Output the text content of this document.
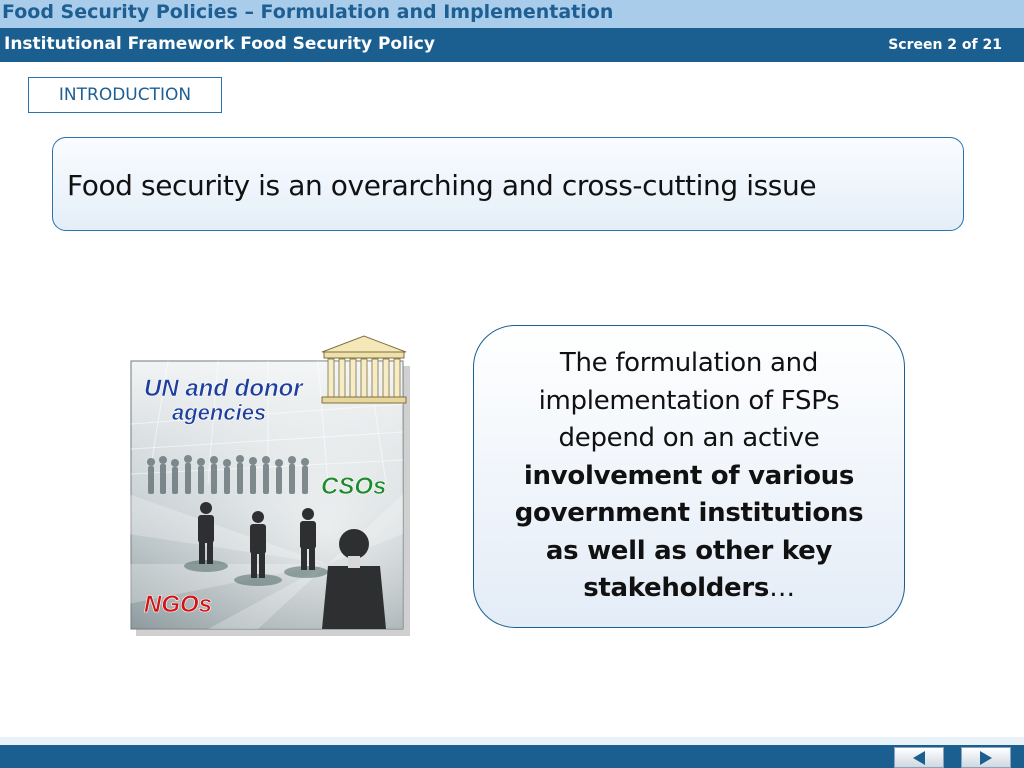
Food Security Policies – Formulation and Implementation
Institutional Framework Food Security Policy	Screen 2 of 21
INTRODUCTION
Food security is an overarching and cross-cutting issue
UN and donor
agencies
CSOs
NGOs
The formulation and implementation of FSPs depend on an active involvement of various government institutions as well as other key stakeholders…
